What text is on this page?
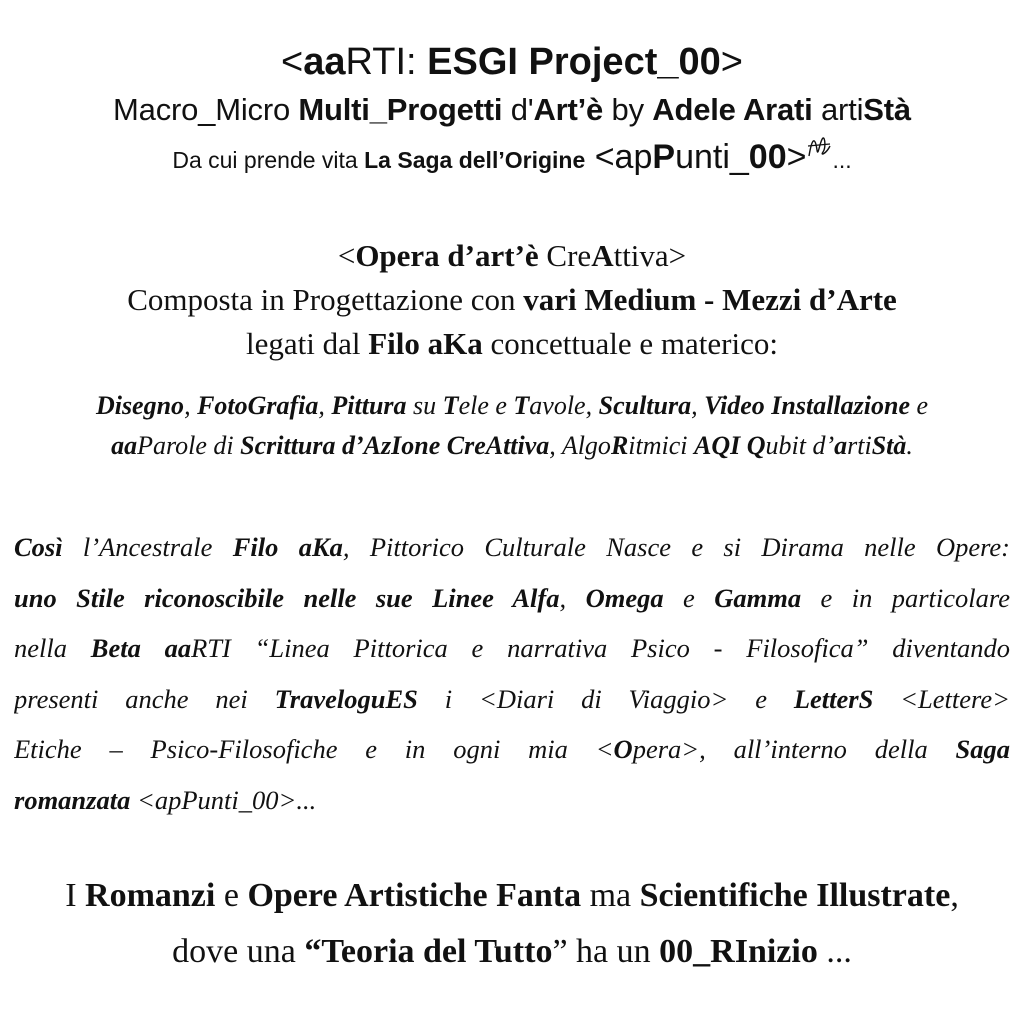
<aaRTI: ESGI Project_00>
Macro_Micro Multi_Progetti d'Art’è by Adele Arati artiStà
Da cui prende vita La Saga dell’Origine <apPunti_00> ...
<Opera d’art’è CreAttiva>
Composta in Progettazione con vari Medium - Mezzi d’Arte
legati dal Filo aKa concettuale e materico:
Disegno, FotoGrafia, Pittura su Tele e Tavole, Scultura, Video Installazione e
aaParole di Scrittura d’AzIone CreAttiva, AlgoRitmici AQI Qubit d’artiStà.
Così l’Ancestrale Filo aKa, Pittorico Culturale Nasce e si Dirama nelle Opere:
uno Stile riconoscibile nelle sue Linee Alfa, Omega e Gamma e in particolare
nella Beta aaRTI “Linea Pittorica e narrativa Psico - Filosofica” diventando
presenti anche nei TraveloguES i <Diari di Viaggio> e LetterS <Lettere>
Etiche – Psico-Filosofiche e in ogni mia <Opera>, all’interno della Saga
romanzata <apPunti_00>...
I Romanzi e Opere Artistiche Fanta ma Scientifiche Illustrate,
dove una “Teoria del Tutto” ha un 00_RInizio ...
